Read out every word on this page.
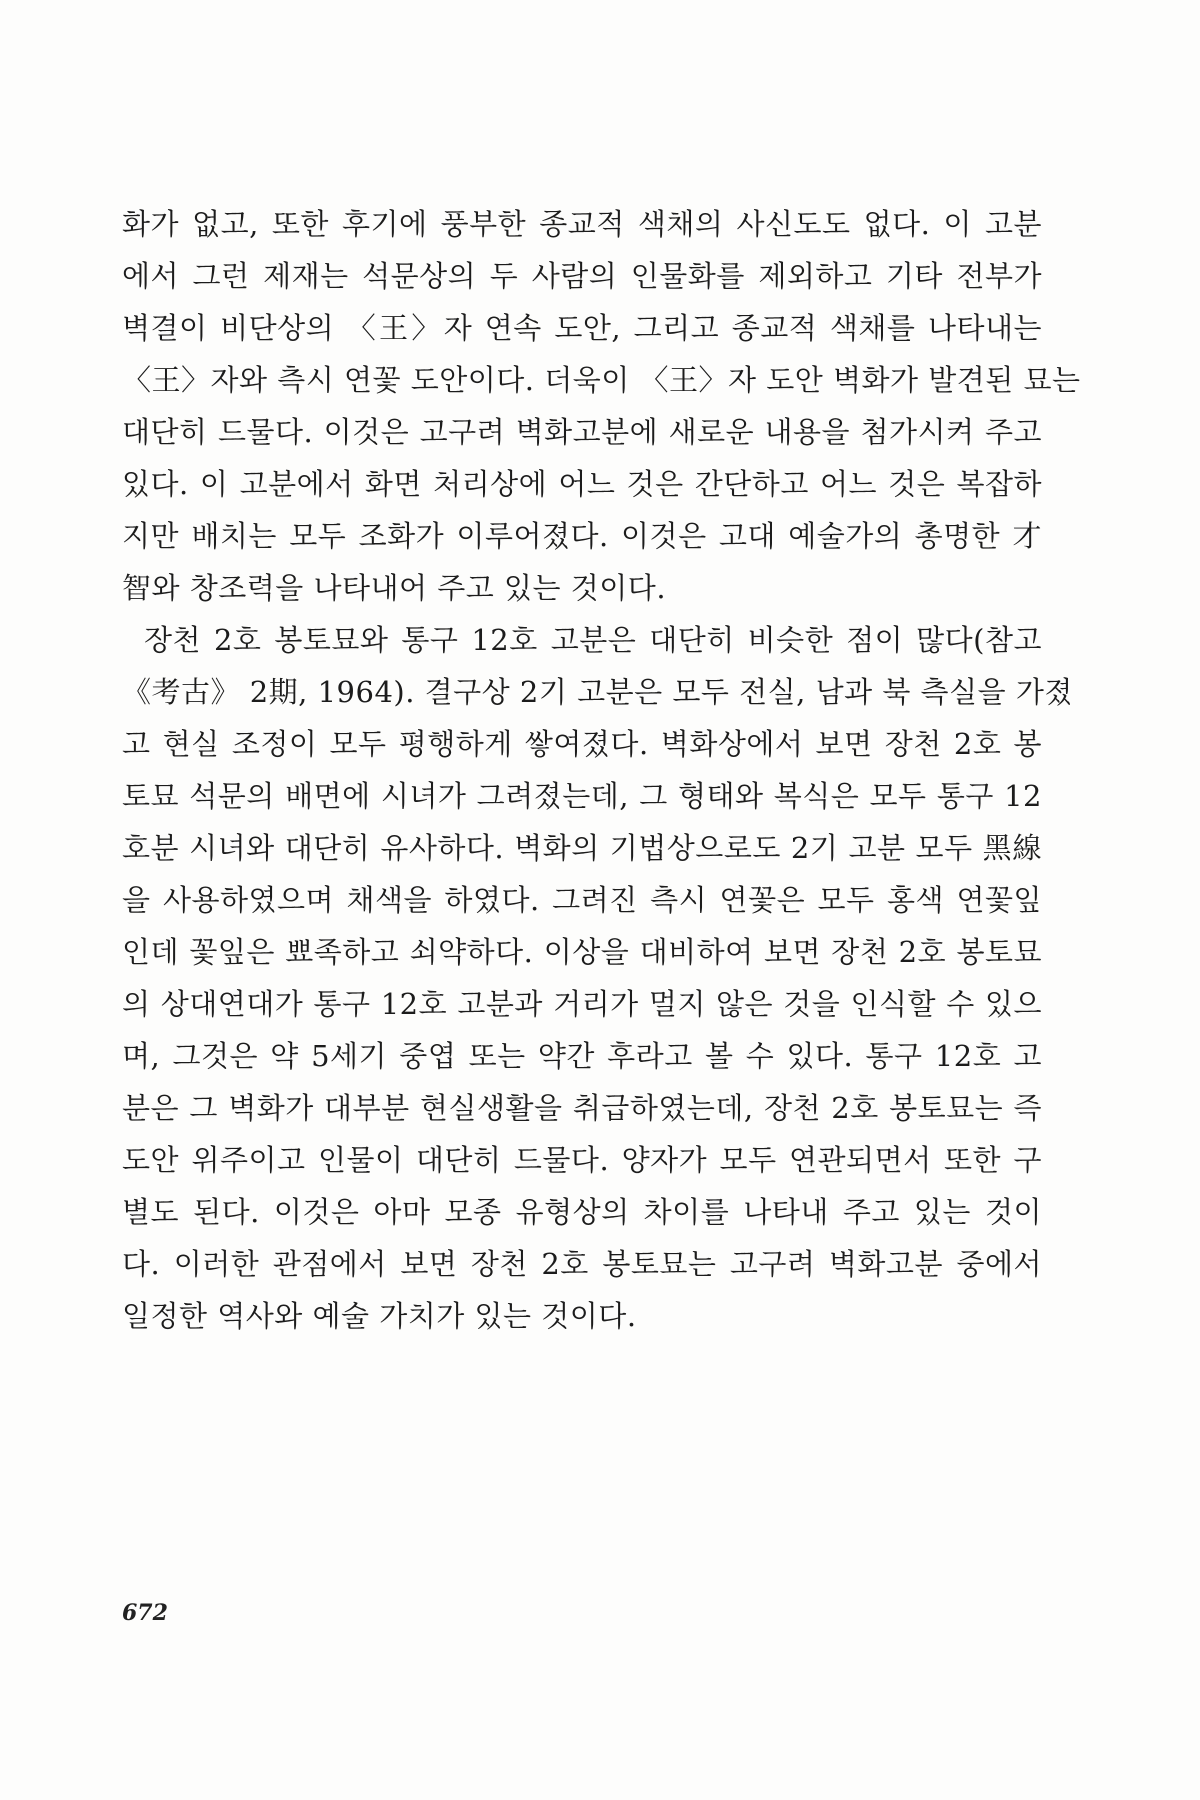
화가 없고, 또한 후기에 풍부한 종교적 색채의 사신도도 없다. 이 고분
에서 그런 제재는 석문상의 두 사람의 인물화를 제외하고 기타 전부가
벽결이 비단상의 〈王〉자 연속 도안, 그리고 종교적 색채를 나타내는
〈王〉자와 측시 연꽃 도안이다. 더욱이 〈王〉자 도안 벽화가 발견된 묘는
대단히 드물다. 이것은 고구려 벽화고분에 새로운 내용을 첨가시켜 주고
있다. 이 고분에서 화면 처리상에 어느 것은 간단하고 어느 것은 복잡하
지만 배치는 모두 조화가 이루어졌다. 이것은 고대 예술가의 총명한 才
智와 창조력을 나타내어 주고 있는 것이다.
장천 2호 봉토묘와 통구 12호 고분은 대단히 비슷한 점이 많다(참고
《考古》 2期, 1964). 결구상 2기 고분은 모두 전실, 남과 북 측실을 가졌
고 현실 조정이 모두 평행하게 쌓여졌다. 벽화상에서 보면 장천 2호 봉
토묘 석문의 배면에 시녀가 그려졌는데, 그 형태와 복식은 모두 통구 12
호분 시녀와 대단히 유사하다. 벽화의 기법상으로도 2기 고분 모두 黑線
을 사용하였으며 채색을 하였다. 그려진 측시 연꽃은 모두 홍색 연꽃잎
인데 꽃잎은 뾰족하고 쇠약하다. 이상을 대비하여 보면 장천 2호 봉토묘
의 상대연대가 통구 12호 고분과 거리가 멀지 않은 것을 인식할 수 있으
며, 그것은 약 5세기 중엽 또는 약간 후라고 볼 수 있다. 통구 12호 고
분은 그 벽화가 대부분 현실생활을 취급하였는데, 장천 2호 봉토묘는 즉
도안 위주이고 인물이 대단히 드물다. 양자가 모두 연관되면서 또한 구
별도 된다. 이것은 아마 모종 유형상의 차이를 나타내 주고 있는 것이
다. 이러한 관점에서 보면 장천 2호 봉토묘는 고구려 벽화고분 중에서
일정한 역사와 예술 가치가 있는 것이다.
672
